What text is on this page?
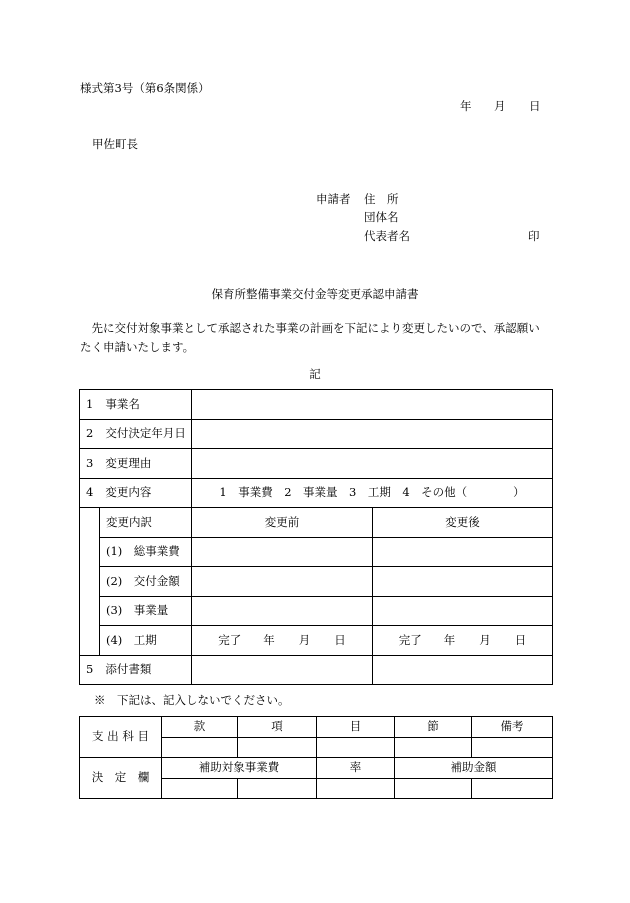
様式第3号（第6条関係）
年 月 日
甲佐町長
申請者 住　所
団体名
代表者名	印
保育所整備事業交付金等変更承認申請書
　先に交付対象事業として承認された事業の計画を下記により変更したいので、承認願い
たく申請いたします。
記
1 事業名			
2 交付決定年月日			
3 変更理由			
4 変更内容		1　事業費　2　事業量　3　工期　4　その他（　　　　）	
	変更内訳	変更前	変更後
	(1)　総事業費		
	(2)　交付金額		
	(3)　事業量		
	(4)　工期	完了 年 月 日	完了 年 月 日
5 添付書類			
※　下記は、記入しないでください。
支 出 科 目	款	項	目	節	備考

決　定　欄	補助対象事業費		率	補助金額	
